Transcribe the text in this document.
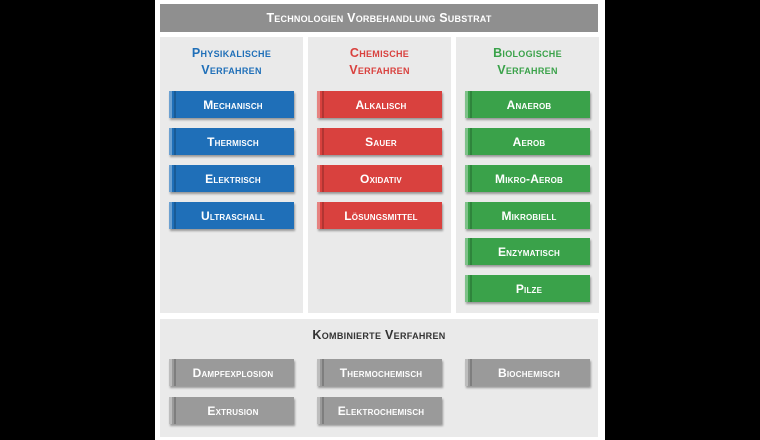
Technologien Vorbehandlung Substrat
Physikalische
Verfahren
Mechanisch
Thermisch
Elektrisch
Ultraschall
Chemische
Verfahren
Alkalisch
Sauer
Oxidativ
Lösungsmittel
Biologische
Verfahren
Anaerob
Aerob
Mikro-Aerob
Mikrobiell
Enzymatisch
Pilze
Kombinierte Verfahren
Dampfexplosion	Thermochemisch	Biochemisch
Extrusion	Elektrochemisch
